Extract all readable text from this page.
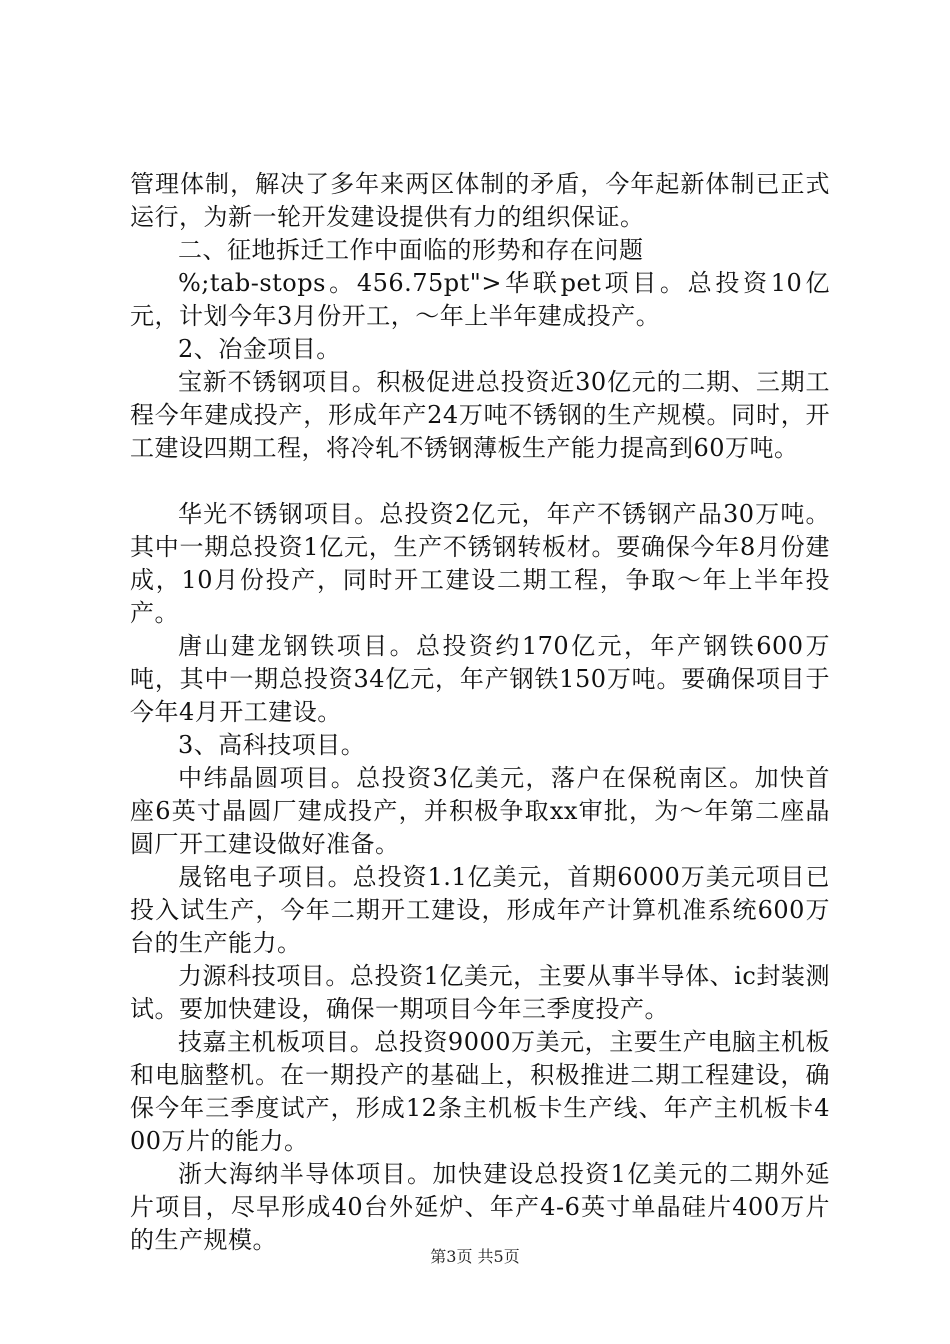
管理体制，解决了多年来两区体制的矛盾，今年起新体制已正式运行，为新一轮开发建设提供有力的组织保证。

二、征地拆迁工作中面临的形势和存在问题

%;tab-stops。456.75pt">华联pet项目。总投资10亿元，计划今年3月份开工，～年上半年建成投产。

2、冶金项目。

宝新不锈钢项目。积极促进总投资近30亿元的二期、三期工程今年建成投产，形成年产24万吨不锈钢的生产规模。同时，开工建设四期工程，将冷轧不锈钢薄板生产能力提高到60万吨。

华光不锈钢项目。总投资2亿元，年产不锈钢产品30万吨。其中一期总投资1亿元，生产不锈钢转板材。要确保今年8月份建成，10月份投产，同时开工建设二期工程，争取～年上半年投产。

唐山建龙钢铁项目。总投资约170亿元，年产钢铁600万吨，其中一期总投资34亿元，年产钢铁150万吨。要确保项目于今年4月开工建设。

3、高科技项目。

中纬晶圆项目。总投资3亿美元，落户在保税南区。加快首座6英寸晶圆厂建成投产，并积极争取xx审批，为～年第二座晶圆厂开工建设做好准备。

晟铭电子项目。总投资1.1亿美元，首期6000万美元项目已投入试生产，今年二期开工建设，形成年产计算机准系统600万台的生产能力。

力源科技项目。总投资1亿美元，主要从事半导体、ic封装测试。要加快建设，确保一期项目今年三季度投产。

技嘉主机板项目。总投资9000万美元，主要生产电脑主机板和电脑整机。在一期投产的基础上，积极推进二期工程建设，确保今年三季度试产，形成12条主机板卡生产线、年产主机板卡400万片的能力。

浙大海纳半导体项目。加快建设总投资1亿美元的二期外延片项目，尽早形成40台外延炉、年产4-6英寸单晶硅片400万片的生产规模。

第3页 共5页
